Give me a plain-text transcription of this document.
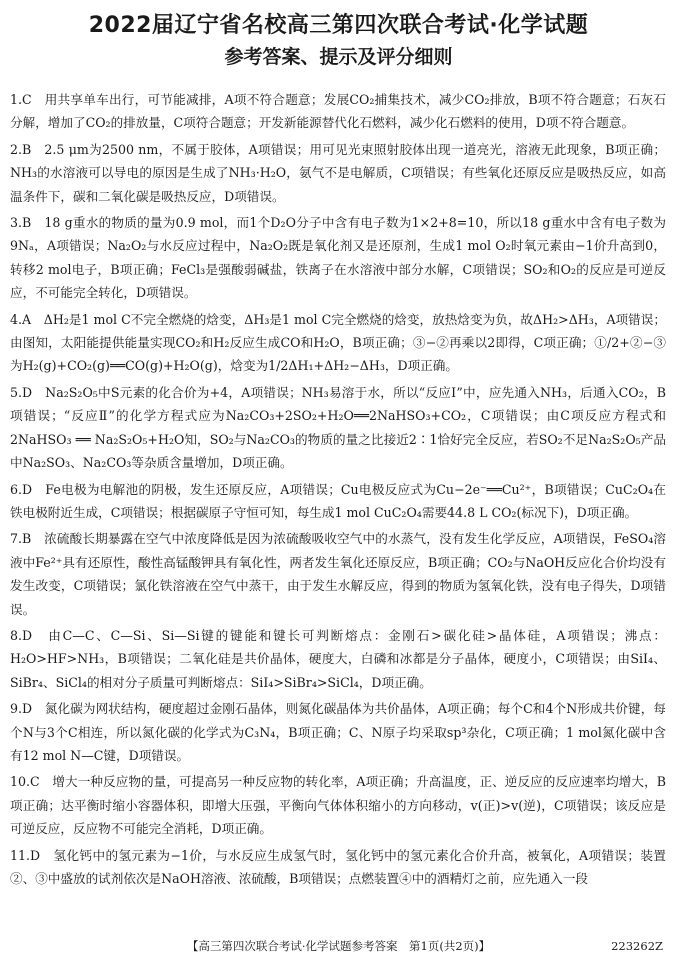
2022届辽宁省名校高三第四次联合考试·化学试题
参考答案、提示及评分细则

1.C　用共享单车出行，可节能减排，A项不符合题意；发展CO₂捕集技术，减少CO₂排放，B项不符合题意；石灰石分解，增加了CO₂的排放量，C项符合题意；开发新能源替代化石燃料，减少化石燃料的使用，D项不符合题意。

2.B　2.5 μm为2500 nm，不属于胶体，A项错误；用可见光束照射胶体出现一道亮光，溶液无此现象，B项正确；NH₃的水溶液可以导电的原因是生成了NH₃·H₂O，氨气不是电解质，C项错误；有些氧化还原反应是吸热反应，如高温条件下，碳和二氧化碳是吸热反应，D项错误。

3.B　18 g重水的物质的量为0.9 mol，而1个D₂O分子中含有电子数为1×2+8=10，所以18 g重水中含有电子数为9Nₐ，A项错误；Na₂O₂与水反应过程中，Na₂O₂既是氧化剂又是还原剂，生成1 mol O₂时氧元素由−1价升高到0，转移2 mol电子，B项正确；FeCl₃是强酸弱碱盐，铁离子在水溶液中部分水解，C项错误；SO₂和O₂的反应是可逆反应，不可能完全转化，D项错误。

4.A　ΔH₂是1 mol C不完全燃烧的焓变，ΔH₃是1 mol C完全燃烧的焓变，放热焓变为负，故ΔH₂>ΔH₃，A项错误；由图知，太阳能提供能量实现CO₂和H₂反应生成CO和H₂O，B项正确；③−②再乘以2即得，C项正确；①/2+②−③为H₂(g)+CO₂(g)══CO(g)+H₂O(g)，焓变为1/2ΔH₁+ΔH₂−ΔH₃，D项正确。

5.D　Na₂S₂O₅中S元素的化合价为+4，A项错误；NH₃易溶于水，所以“反应Ⅰ”中，应先通入NH₃，后通入CO₂，B项错误；“反应Ⅱ”的化学方程式应为Na₂CO₃+2SO₂+H₂O══2NaHSO₃+CO₂，C项错误；由C项反应方程式和2NaHSO₃ ══ Na₂S₂O₅+H₂O知，SO₂与Na₂CO₃的物质的量之比接近2∶1恰好完全反应，若SO₂不足Na₂S₂O₅产品中Na₂SO₃、Na₂CO₃等杂质含量增加，D项正确。

6.D　Fe电极为电解池的阴极，发生还原反应，A项错误；Cu电极反应式为Cu−2e⁻══Cu²⁺，B项错误；CuC₂O₄在铁电极附近生成，C项错误；根据碳原子守恒可知，每生成1 mol CuC₂O₄需要44.8 L CO₂(标况下)，D项正确。

7.B　浓硫酸长期暴露在空气中浓度降低是因为浓硫酸吸收空气中的水蒸气，没有发生化学反应，A项错误，FeSO₄溶液中Fe²⁺具有还原性，酸性高锰酸钾具有氧化性，两者发生氧化还原反应，B项正确；CO₂与NaOH反应化合价均没有发生改变，C项错误；氯化铁溶液在空气中蒸干，由于发生水解反应，得到的物质为氢氧化铁，没有电子得失，D项错误。

8.D　由C—C、C—Si、Si—Si键的键能和键长可判断熔点：金刚石>碳化硅>晶体硅，A项错误；沸点：H₂O>HF>NH₃，B项错误；二氧化硅是共价晶体，硬度大，白磷和冰都是分子晶体，硬度小，C项错误；由SiI₄、SiBr₄、SiCl₄的相对分子质量可判断熔点：SiI₄>SiBr₄>SiCl₄，D项正确。

9.D　氮化碳为网状结构，硬度超过金刚石晶体，则氮化碳晶体为共价晶体，A项正确；每个C和4个N形成共价键，每个N与3个C相连，所以氮化碳的化学式为C₃N₄，B项正确；C、N原子均采取sp³杂化，C项正确；1 mol氮化碳中含有12 mol N—C键，D项错误。

10.C　增大一种反应物的量，可提高另一种反应物的转化率，A项正确；升高温度，正、逆反应的反应速率均增大，B项正确；达平衡时缩小容器体积，即增大压强，平衡向气体体积缩小的方向移动，v(正)>v(逆)，C项错误；该反应是可逆反应，反应物不可能完全消耗，D项正确。

11.D　氢化钙中的氢元素为−1价，与水反应生成氢气时，氢化钙中的氢元素化合价升高，被氧化，A项错误；装置②、③中盛放的试剂依次是NaOH溶液、浓硫酸，B项错误；点燃装置④中的酒精灯之前，应先通入一段

【高三第四次联合考试·化学试题参考答案　第1页(共2页)】	223262Z
